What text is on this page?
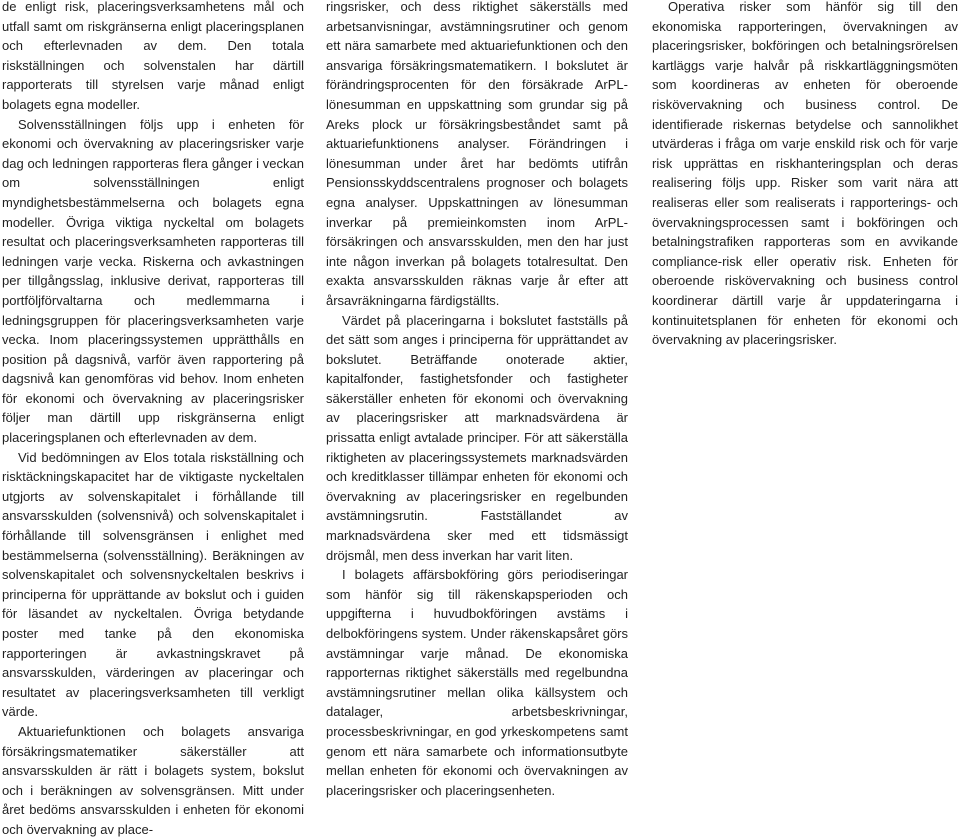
de enligt risk, placeringsverksamhetens mål och utfall samt om riskgränserna enligt placeringsplanen och efterlevnaden av dem. Den totala riskställningen och solvenstalen har därtill rapporterats till styrelsen varje månad enligt bolagets egna modeller.

Solvensställningen följs upp i enheten för ekonomi och övervakning av placeringsrisker varje dag och ledningen rapporteras flera gånger i veckan om solvensställningen enligt myndighetsbestämmelserna och bolagets egna modeller. Övriga viktiga nyckeltal om bolagets resultat och placeringsverksamheten rapporteras till ledningen varje vecka. Riskerna och avkastningen per tillgångsslag, inklusive derivat, rapporteras till portföljförvaltarna och medlemmarna i ledningsgruppen för placeringsverksamheten varje vecka. Inom placeringssystemen upprätthålls en position på dagsnivå, varför även rapportering på dagsnivå kan genomföras vid behov. Inom enheten för ekonomi och övervakning av placeringsrisker följer man därtill upp riskgränserna enligt placeringsplanen och efterlevnaden av dem.

Vid bedömningen av Elos totala riskställning och risktäckningskapacitet har de viktigaste nyckeltalen utgjorts av solvenskapitalet i förhållande till ansvarsskulden (solvensnivå) och solvenskapitalet i förhållande till solvensgränsen i enlighet med bestämmelserna (solvensställning). Beräkningen av solvenskapitalet och solvensnyckeltalen beskrivs i principerna för upprättande av bokslut och i guiden för läsandet av nyckeltalen. Övriga betydande poster med tanke på den ekonomiska rapporteringen är avkastningskravet på ansvarsskulden, värderingen av placeringar och resultatet av placeringsverksamheten till verkligt värde.

Aktuariefunktionen och bolagets ansvariga försäkringsmatematiker säkerställer att ansvarsskulden är rätt i bolagets system, bokslut och i beräkningen av solvensgränsen. Mitt under året bedöms ansvarsskulden i enheten för ekonomi och övervakning av place-

ringsrisker, och dess riktighet säkerställs med arbetsanvisningar, avstämningsrutiner och genom ett nära samarbete med aktuariefunktionen och den ansvariga försäkringsmatematikern. I bokslutet är förändringsprocenten för den försäkrade ArPL-lönesumman en uppskattning som grundar sig på Areks plock ur försäkringsbeståndet samt på aktuariefunktionens analyser. Förändringen i lönesumman under året har bedömts utifrån Pensionsskyddscentralens prognoser och bolagets egna analyser. Uppskattningen av lönesumman inverkar på premieinkomsten inom ArPL-försäkringen och ansvarsskulden, men den har just inte någon inverkan på bolagets totalresultat. Den exakta ansvarsskulden räknas varje år efter att årsavräkningarna färdigställts.

Värdet på placeringarna i bokslutet fastställs på det sätt som anges i principerna för upprättandet av bokslutet. Beträffande onoterade aktier, kapitalfonder, fastighetsfonder och fastigheter säkerställer enheten för ekonomi och övervakning av placeringsrisker att marknadsvärdena är prissatta enligt avtalade principer. För att säkerställa riktigheten av placeringssystemets marknadsvärden och kreditklasser tillämpar enheten för ekonomi och övervakning av placeringsrisker en regelbunden avstämningsrutin. Fastställandet av marknadsvärdena sker med ett tidsmässigt dröjsmål, men dess inverkan har varit liten.

I bolagets affärsbokföring görs periodiseringar som hänför sig till räkenskapsperioden och uppgifterna i huvudbokföringen avstäms i delbokföringens system. Under räkenskapsåret görs avstämningar varje månad. De ekonomiska rapporternas riktighet säkerställs med regelbundna avstämningsrutiner mellan olika källsystem och datalager, arbetsbeskrivningar, processbeskrivningar, en god yrkeskompetens samt genom ett nära samarbete och informationsutbyte mellan enheten för ekonomi och övervakningen av placeringsrisker och placeringsenheten.

Operativa risker som hänför sig till den ekonomiska rapporteringen, övervakningen av placeringsrisker, bokföringen och betalningsrörelsen kartläggs varje halvår på riskkartläggningsmöten som koordineras av enheten för oberoende riskövervakning och business control. De identifierade riskernas betydelse och sannolikhet utvärderas i fråga om varje enskild risk och för varje risk upprättas en riskhanteringsplan och deras realisering följs upp. Risker som varit nära att realiseras eller som realiserats i rapporterings- och övervakningsprocessen samt i bokföringen och betalningstrafiken rapporteras som en avvikande compliance-risk eller operativ risk. Enheten för oberoende riskövervakning och business control koordinerar därtill varje år uppdateringarna i kontinuitetsplanen för enheten för ekonomi och övervakning av placeringsrisker.
